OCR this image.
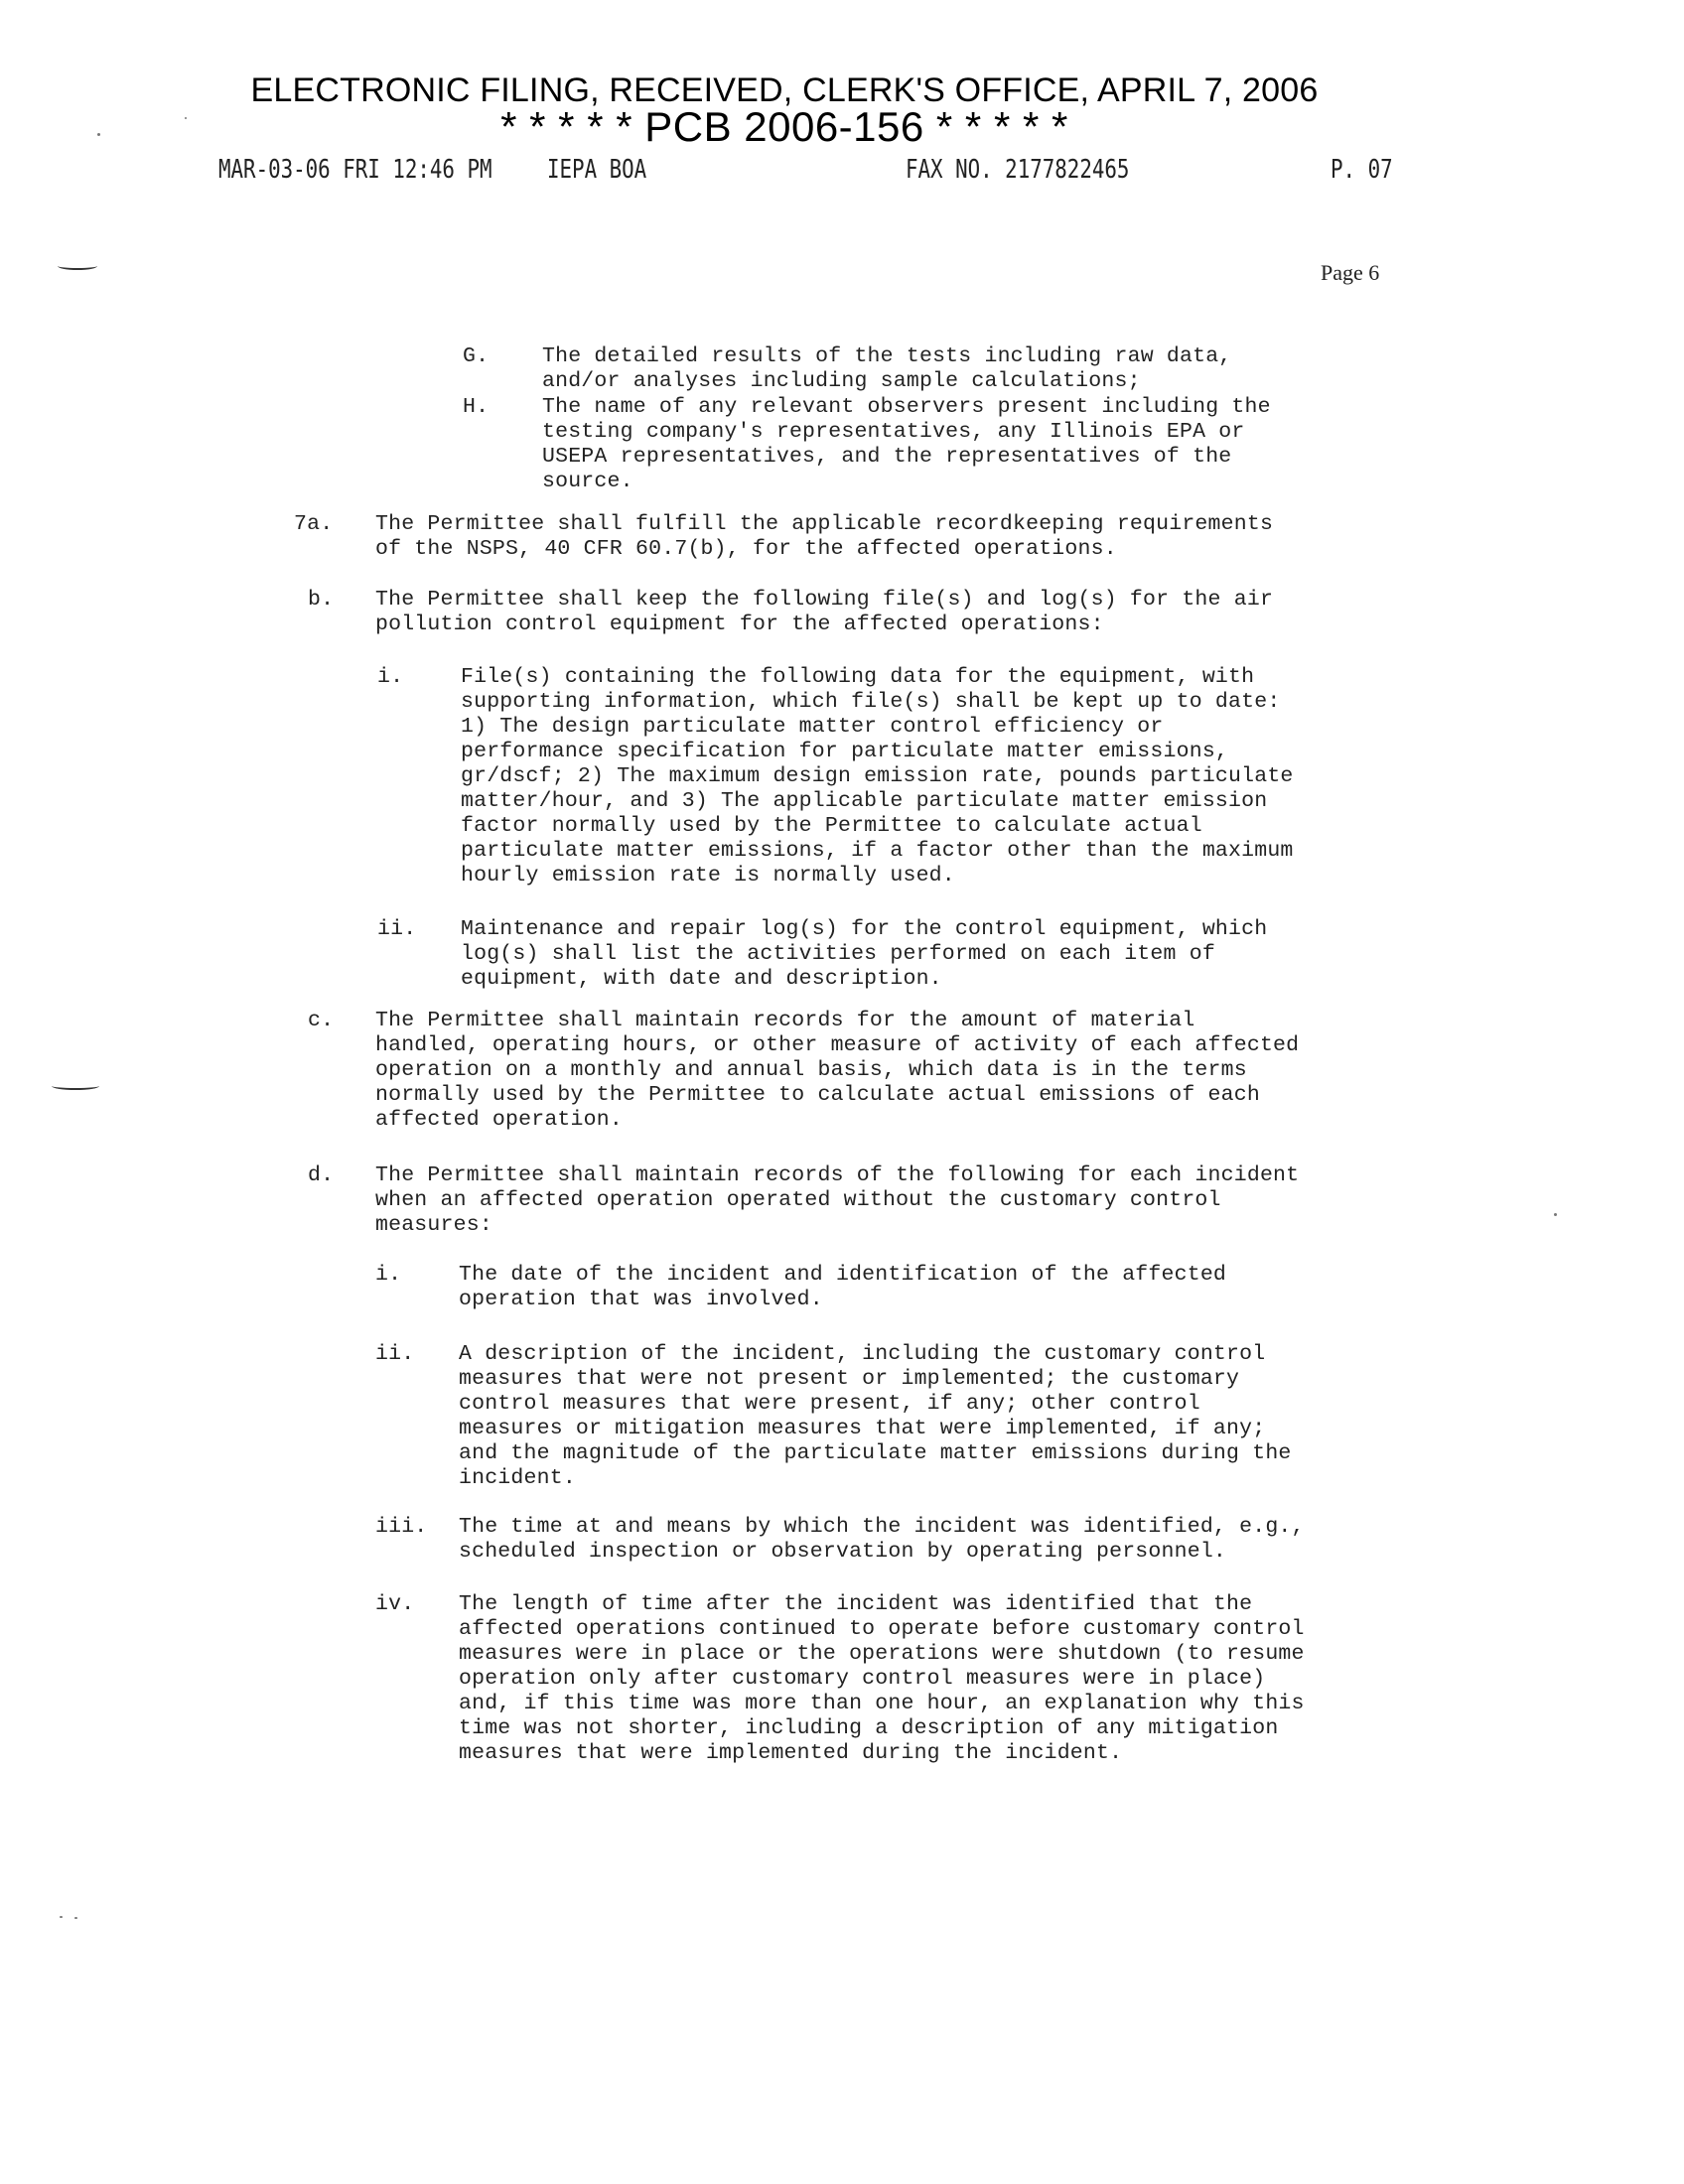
ELECTRONIC FILING, RECEIVED, CLERK'S OFFICE, APRIL 7, 2006
* * * * * PCB 2006-156 * * * * *
MAR-03-06 FRI 12:46 PM IEPA BOA	FAX NO. 2177822465	P. 07
Page 6
G.	The detailed results of the tests including raw data,
and/or analyses including sample calculations;
H.	The name of any relevant observers present including the
testing company's representatives, any Illinois EPA or
USEPA representatives, and the representatives of the
source.
7a. The Permittee shall fulfill the applicable recordkeeping requirements
of the NSPS, 40 CFR 60.7(b), for the affected operations.
b. The Permittee shall keep the following file(s) and log(s) for the air
pollution control equipment for the affected operations:
i.	File(s) containing the following data for the equipment, with
supporting information, which file(s) shall be kept up to date:
1) The design particulate matter control efficiency or
performance specification for particulate matter emissions,
gr/dscf; 2) The maximum design emission rate, pounds particulate
matter/hour, and 3) The applicable particulate matter emission
factor normally used by the Permittee to calculate actual
particulate matter emissions, if a factor other than the maximum
hourly emission rate is normally used.
ii. Maintenance and repair log(s) for the control equipment, which
log(s) shall list the activities performed on each item of
equipment, with date and description.
c. The Permittee shall maintain records for the amount of material
handled, operating hours, or other measure of activity of each affected
operation on a monthly and annual basis, which data is in the terms
normally used by the Permittee to calculate actual emissions of each
affected operation.
d. The Permittee shall maintain records of the following for each incident
when an affected operation operated without the customary control
measures:
i.	The date of the incident and identification of the affected
operation that was involved.
ii. A description of the incident, including the customary control
measures that were not present or implemented; the customary
control measures that were present, if any; other control
measures or mitigation measures that were implemented, if any;
and the magnitude of the particulate matter emissions during the
incident.
iii. The time at and means by which the incident was identified, e.g.,
scheduled inspection or observation by operating personnel.
iv. The length of time after the incident was identified that the
affected operations continued to operate before customary control
measures were in place or the operations were shutdown (to resume
operation only after customary control measures were in place)
and, if this time was more than one hour, an explanation why this
time was not shorter, including a description of any mitigation
measures that were implemented during the incident.
